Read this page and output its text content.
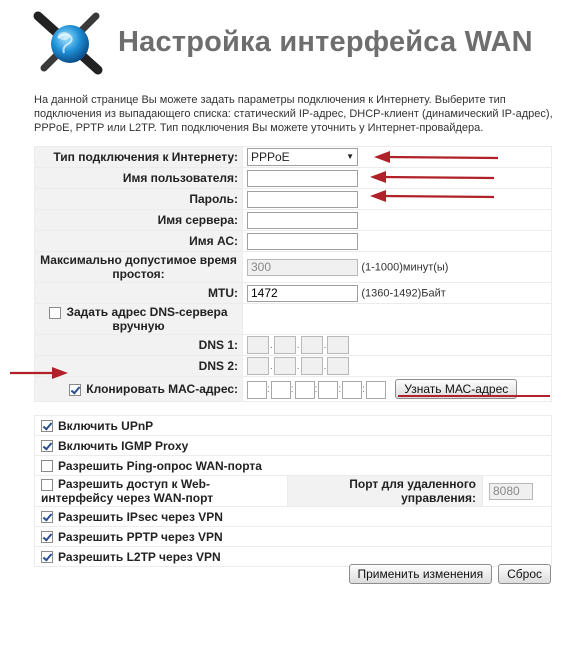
Настройка интерфейса WAN
На данной странице Вы можете задать параметры подключения к Интернету. Выберите тип подключения из выпадающего списка: статический IP-адрес, DHCP-клиент (динамический IP-адрес), PPPoE, PPTP или L2TP. Тип подключения Вы можете уточнить у Интернет-провайдера.
Тип подключения к Интернету:	PPPoE ▼

Имя пользователя:	
Пароль:	
Имя сервера:	
Имя АС:	
Максимально допустимое время простоя:	300(1-1000)минут(ы)
MTU:	1472(1360-1492)Байт
Задать адрес DNS-сервера вручную	
DNS 1:	. . .
DNS 2:	. . .
Клонировать МАС-адрес:	: : : : : Узнать МАС-адрес
Включить UPnP
Включить IGMP Proxy
Разрешить Ping-опрос WAN-порта
Разрешить доступ к Web-интерфейсу через WAN-порт	Порт для удаленного управления:	8080
Разрешить IPsec через VPN
Разрешить PPTP через VPN
Разрешить L2TP через VPN
Применить изменения Сброс
